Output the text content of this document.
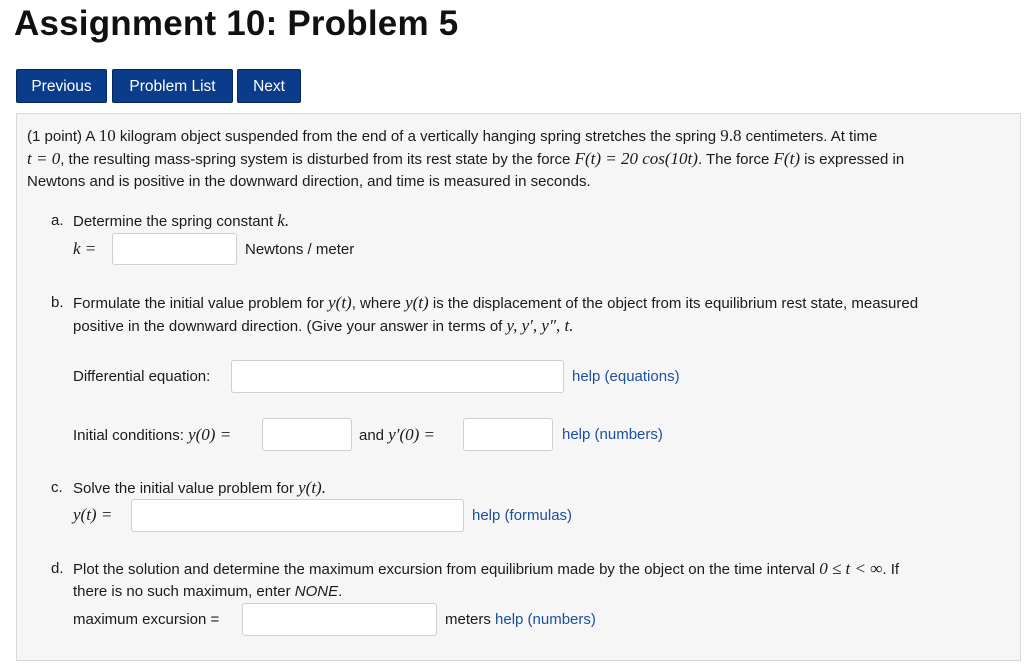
Assignment 10: Problem 5
Previous	Problem List	Next
(1 point) A 10 kilogram object suspended from the end of a vertically hanging spring stretches the spring 9.8 centimeters. At time
t = 0, the resulting mass-spring system is disturbed from its rest state by the force F(t) = 20 cos(10t). The force F(t) is expressed in
Newtons and is positive in the downward direction, and time is measured in seconds.
a. Determine the spring constant k.
k =	Newtons / meter
b. Formulate the initial value problem for y(t), where y(t) is the displacement of the object from its equilibrium rest state, measured
positive in the downward direction. (Give your answer in terms of y, y′, y″, t.
Differential equation:	help (equations)
Initial conditions: y(0) =	and y′(0) =	help (numbers)
c. Solve the initial value problem for y(t).
y(t) =	help (formulas)
d. Plot the solution and determine the maximum excursion from equilibrium made by the object on the time interval 0 ≤ t < ∞. If
there is no such maximum, enter NONE.
maximum excursion =	meters help (numbers)
